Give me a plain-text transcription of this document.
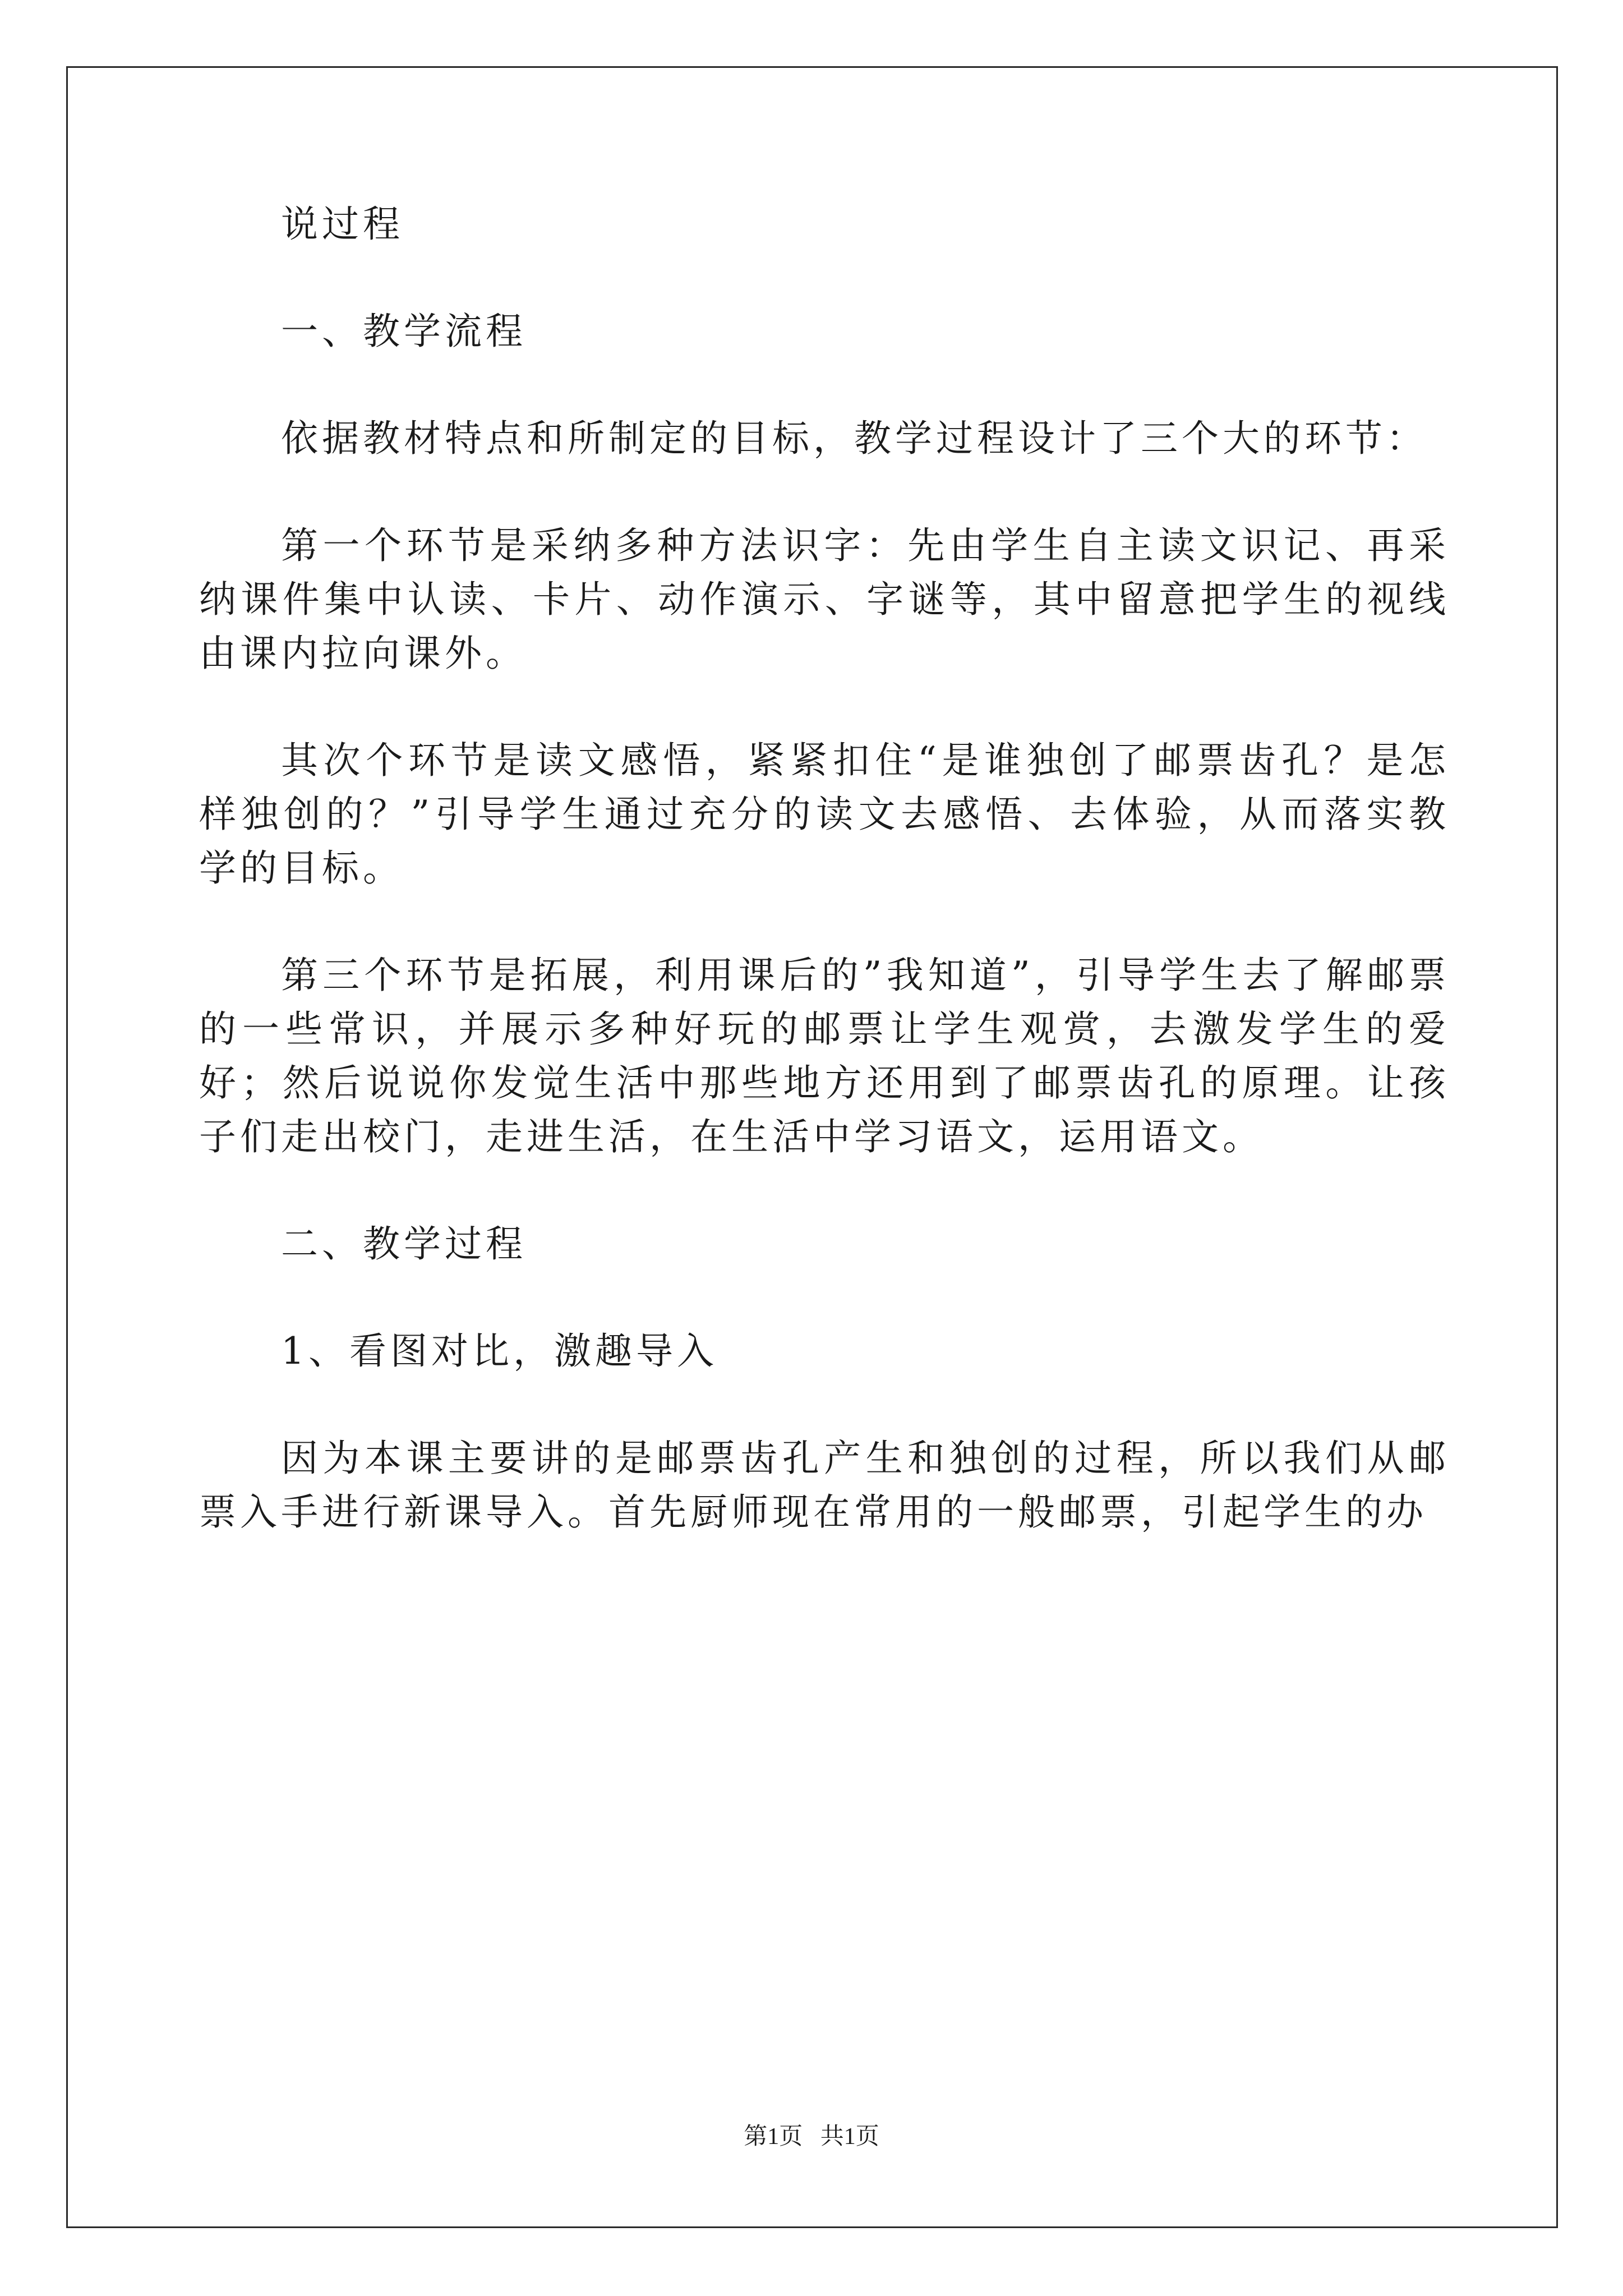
说过程

一、教学流程

依据教材特点和所制定的目标，教学过程设计了三个大的环节：

第一个环节是采纳多种方法识字：先由学生自主读文识记、再采纳课件集中认读、卡片、动作演示、字谜等，其中留意把学生的视线由课内拉向课外。

其次个环节是读文感悟，紧紧扣住“是谁独创了邮票齿孔？是怎样独创的？”引导学生通过充分的读文去感悟、去体验，从而落实教学的目标。

第三个环节是拓展，利用课后的”我知道”，引导学生去了解邮票的一些常识，并展示多种好玩的邮票让学生观赏，去激发学生的爱好；然后说说你发觉生活中那些地方还用到了邮票齿孔的原理。让孩子们走出校门，走进生活，在生活中学习语文，运用语文。

二、教学过程

1、看图对比，激趣导入

因为本课主要讲的是邮票齿孔产生和独创的过程，所以我们从邮票入手进行新课导入。首先厨师现在常用的一般邮票，引起学生的办

第1页   共1页
